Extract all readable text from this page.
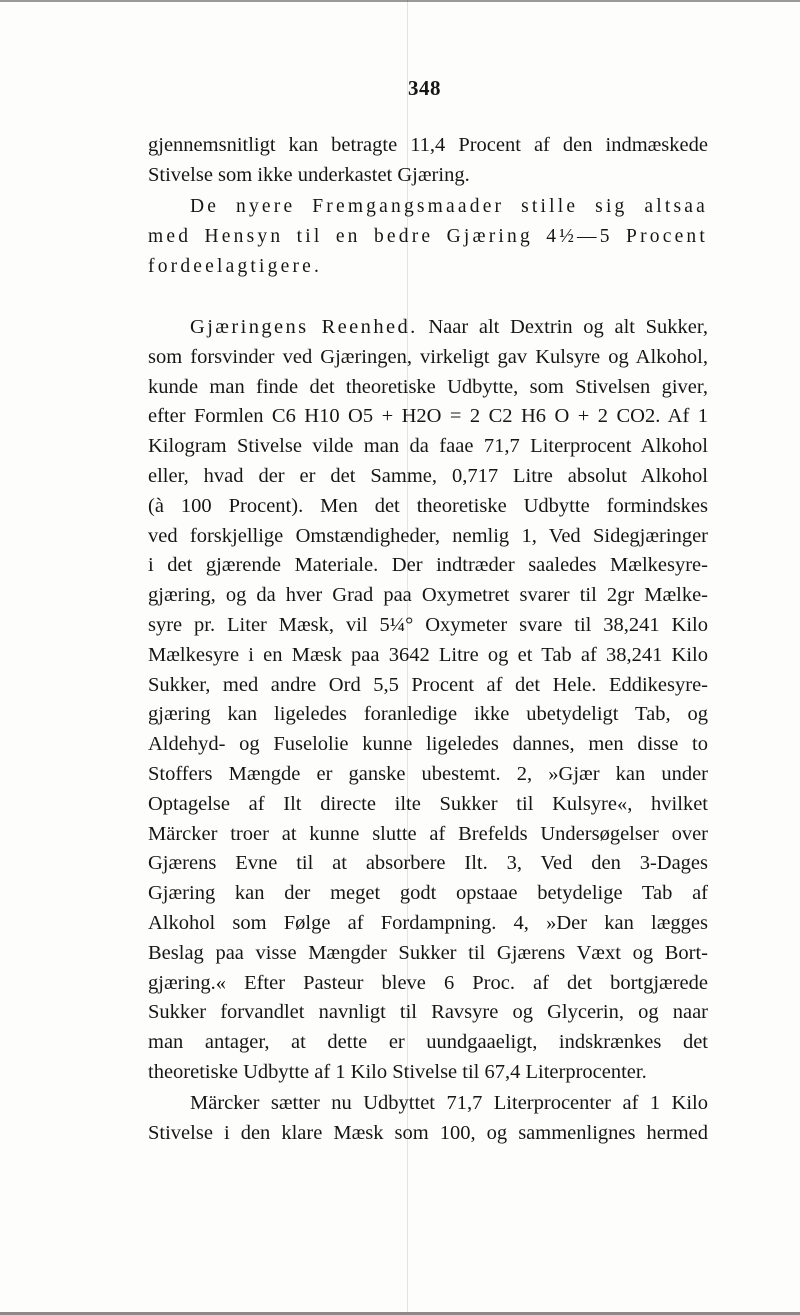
348
gjennemsnitligt kan betragte 11,4 Procent af den indmæskede
Stivelse som ikke underkastet Gjæring.
De nyere Fremgangsmaader stille sig altsaa
med Hensyn til en bedre Gjæring 4½—5 Procent
fordeelagtigere.
Gjæringens Reenhed. Naar alt Dextrin og alt Sukker,
som forsvinder ved Gjæringen, virkeligt gav Kulsyre og Alkohol,
kunde man finde det theoretiske Udbytte, som Stivelsen giver,
efter Formlen C6 H10 O5 + H2O = 2 C2 H6 O + 2 CO2. Af 1
Kilogram Stivelse vilde man da faae 71,7 Literprocent Alkohol
eller, hvad der er det Samme, 0,717 Litre absolut Alkohol
(à 100 Procent). Men det theoretiske Udbytte formindskes
ved forskjellige Omstændigheder, nemlig 1, Ved Sidegjæringer
i det gjærende Materiale. Der indtræder saaledes Mælkesyre-
gjæring, og da hver Grad paa Oxymetret svarer til 2gr Mælke-
syre pr. Liter Mæsk, vil 5¼° Oxymeter svare til 38,241 Kilo
Mælkesyre i en Mæsk paa 3642 Litre og et Tab af 38,241 Kilo
Sukker, med andre Ord 5,5 Procent af det Hele. Eddikesyre-
gjæring kan ligeledes foranledige ikke ubetydeligt Tab, og
Aldehyd- og Fuselolie kunne ligeledes dannes, men disse to
Stoffers Mængde er ganske ubestemt. 2, »Gjær kan under
Optagelse af Ilt directe ilte Sukker til Kulsyre«, hvilket
Märcker troer at kunne slutte af Brefelds Undersøgelser over
Gjærens Evne til at absorbere Ilt. 3, Ved den 3-Dages
Gjæring kan der meget godt opstaae betydelige Tab af
Alkohol som Følge af Fordampning. 4, »Der kan lægges
Beslag paa visse Mængder Sukker til Gjærens Væxt og Bort-
gjæring.« Efter Pasteur bleve 6 Proc. af det bortgjærede
Sukker forvandlet navnligt til Ravsyre og Glycerin, og naar
man antager, at dette er uundgaaeligt, indskrænkes det
theoretiske Udbytte af 1 Kilo Stivelse til 67,4 Literprocenter.
Märcker sætter nu Udbyttet 71,7 Literprocenter af 1 Kilo
Stivelse i den klare Mæsk som 100, og sammenlignes hermed
